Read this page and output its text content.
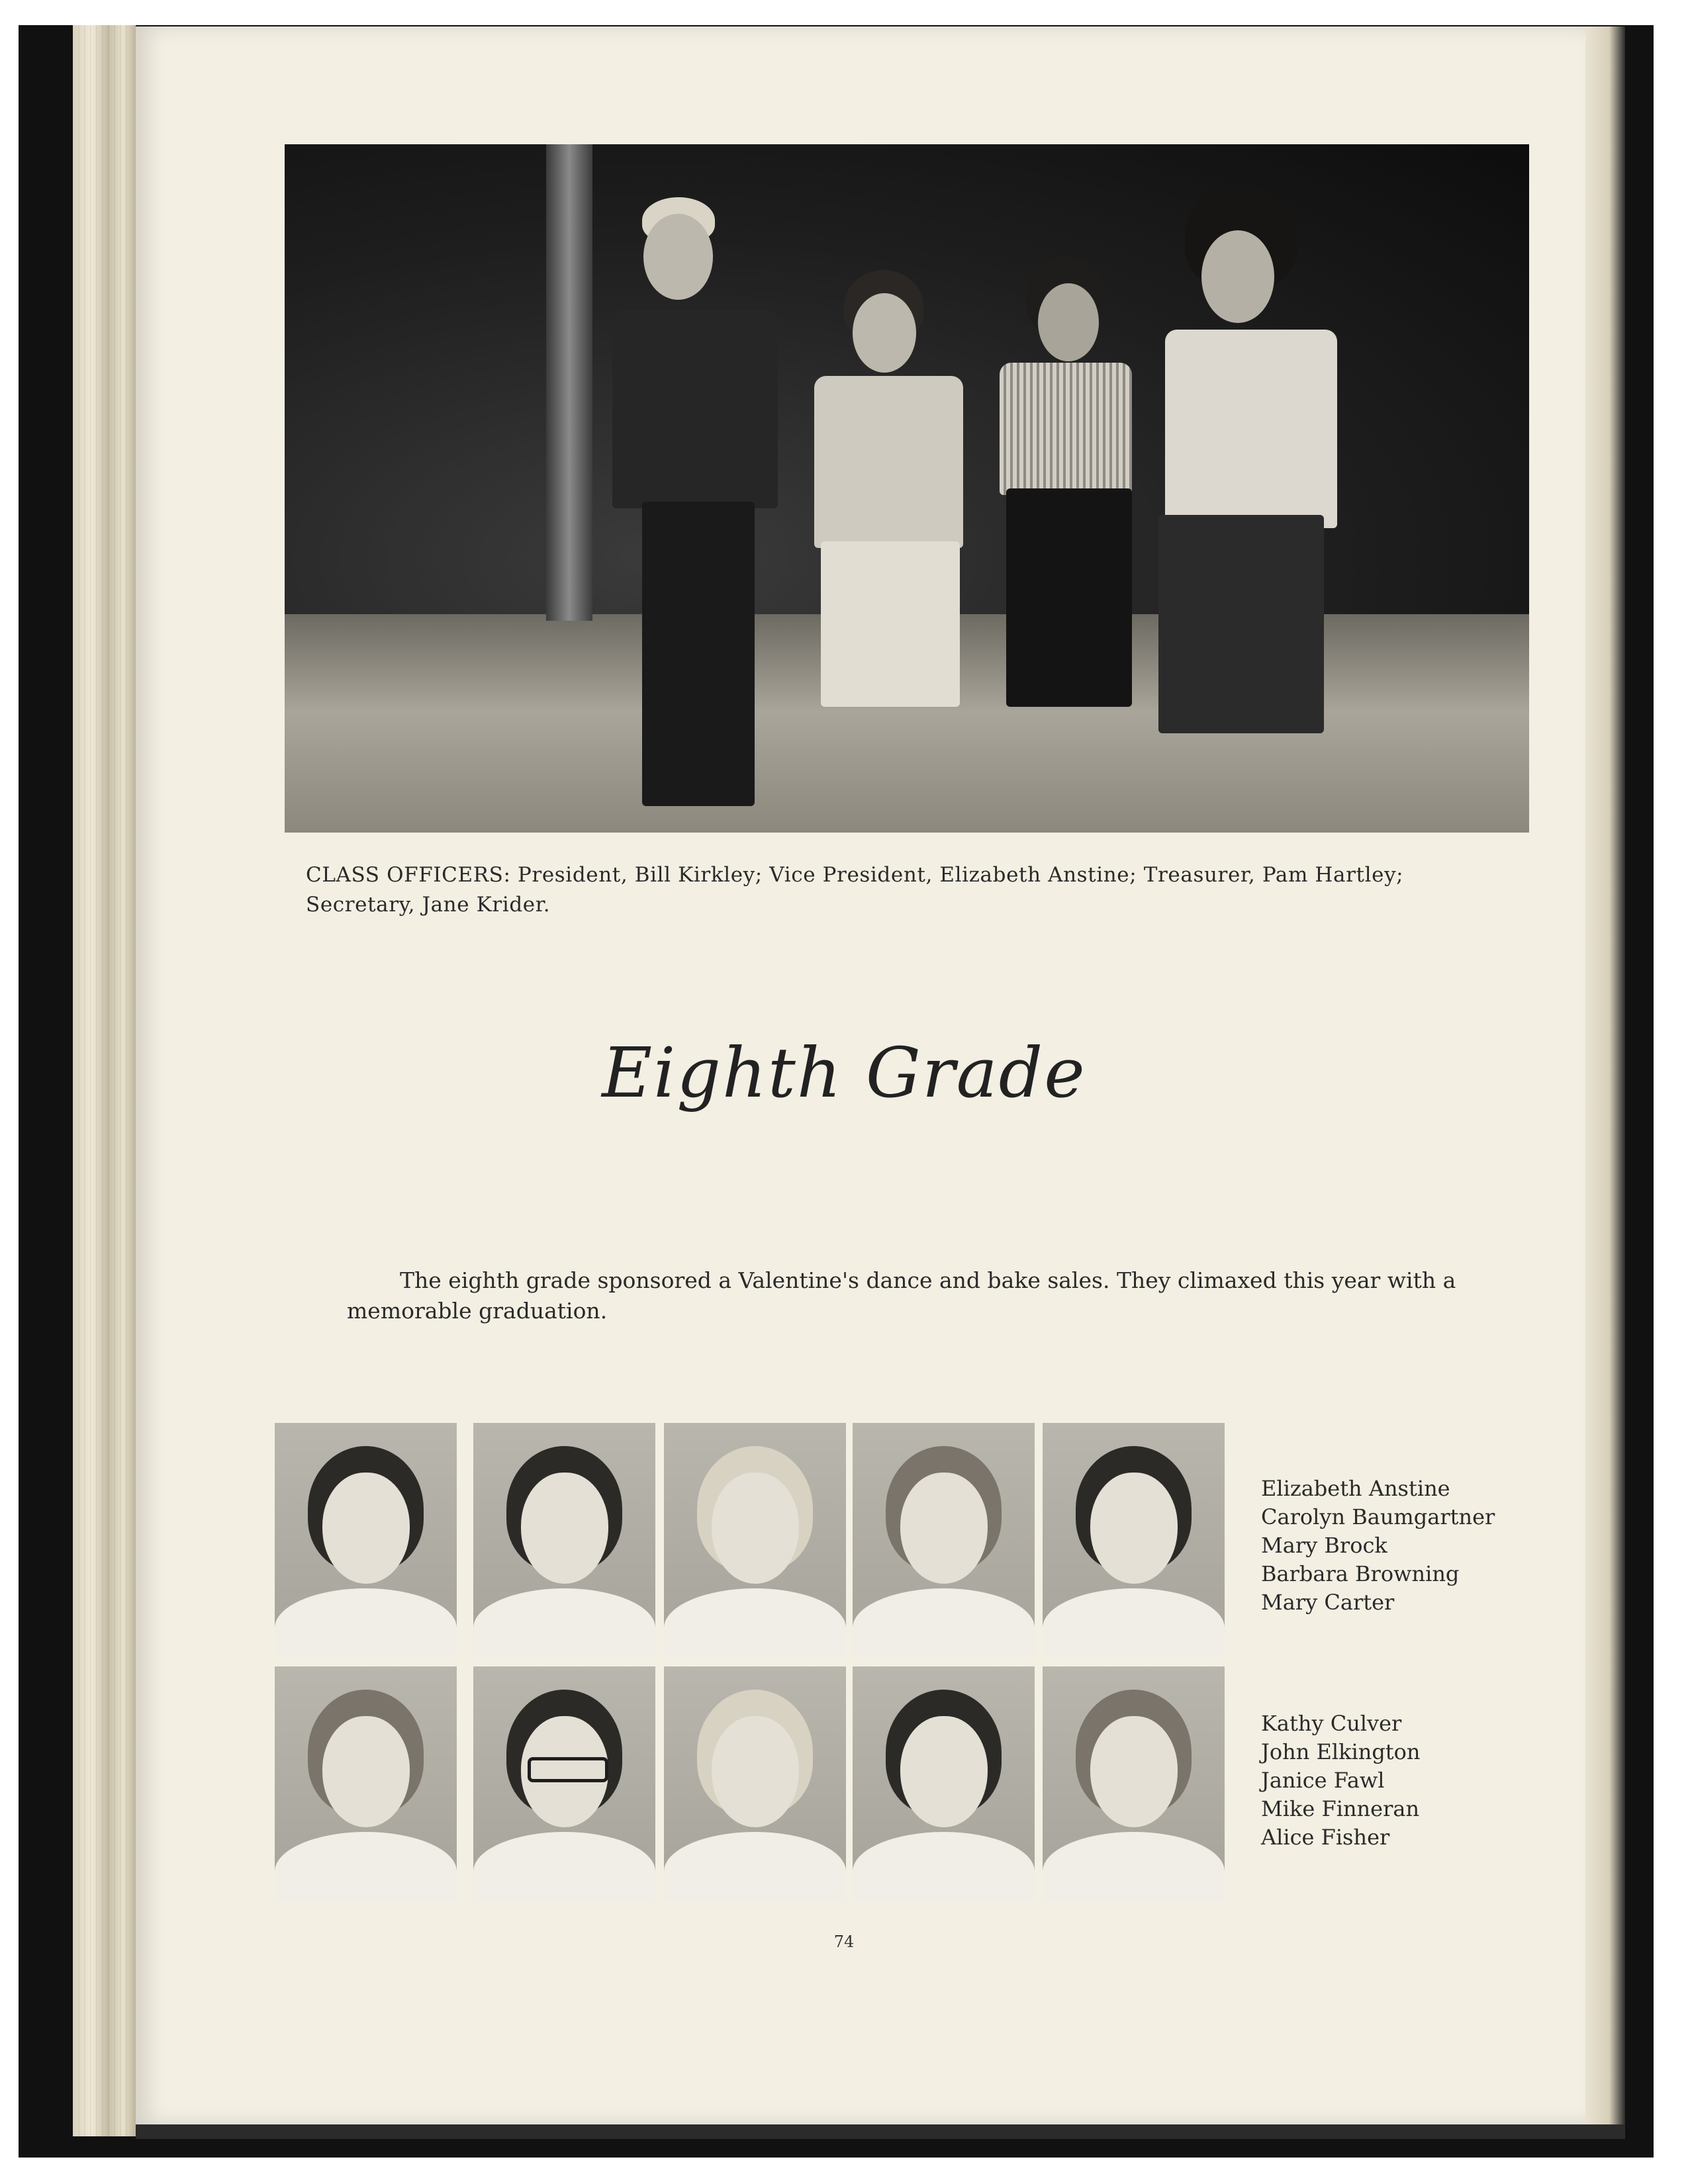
CLASS OFFICERS: President, Bill Kirkley; Vice President, Elizabeth Anstine; Treasurer, Pam Hartley; Secretary, Jane Krider.
Eighth Grade
The eighth grade sponsored a Valentine's dance and bake sales. They climaxed this year with a memorable graduation.
Elizabeth Anstine
Carolyn Baumgartner
Mary Brock
Barbara Browning
Mary Carter
Kathy Culver
John Elkington
Janice Fawl
Mike Finneran
Alice Fisher
74
